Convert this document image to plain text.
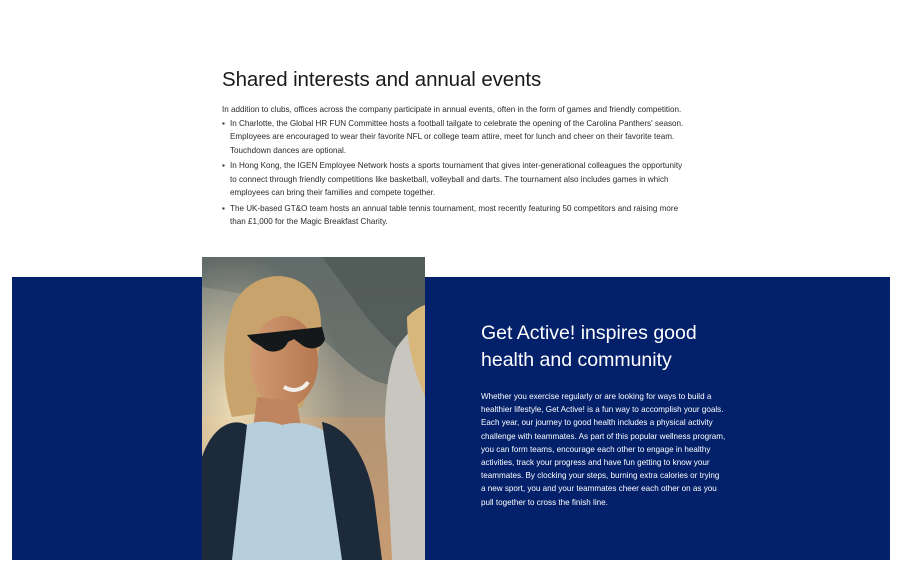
Shared interests and annual events

In addition to clubs, offices across the company participate in annual events, often in the form of games and friendly competition.

▪ In Charlotte, the Global HR FUN Committee hosts a football tailgate to celebrate the opening of the Carolina Panthers' season. Employees are encouraged to wear their favorite NFL or college team attire, meet for lunch and cheer on their favorite team. Touchdown dances are optional.
▪ In Hong Kong, the IGEN Employee Network hosts a sports tournament that gives inter-generational colleagues the opportunity to connect through friendly competitions like basketball, volleyball and darts. The tournament also includes games in which employees can bring their families and compete together.
▪ The UK-based GT&O team hosts an annual table tennis tournament, most recently featuring 50 competitors and raising more than £1,000 for the Magic Breakfast Charity.
Get Active! inspires good health and community

Whether you exercise regularly or are looking for ways to build a healthier lifestyle, Get Active! is a fun way to accomplish your goals. Each year, our journey to good health includes a physical activity challenge with teammates. As part of this popular wellness program, you can form teams, encourage each other to engage in healthy activities, track your progress and have fun getting to know your teammates. By clocking your steps, burning extra calories or trying a new sport, you and your teammates cheer each other on as you pull together to cross the finish line.
